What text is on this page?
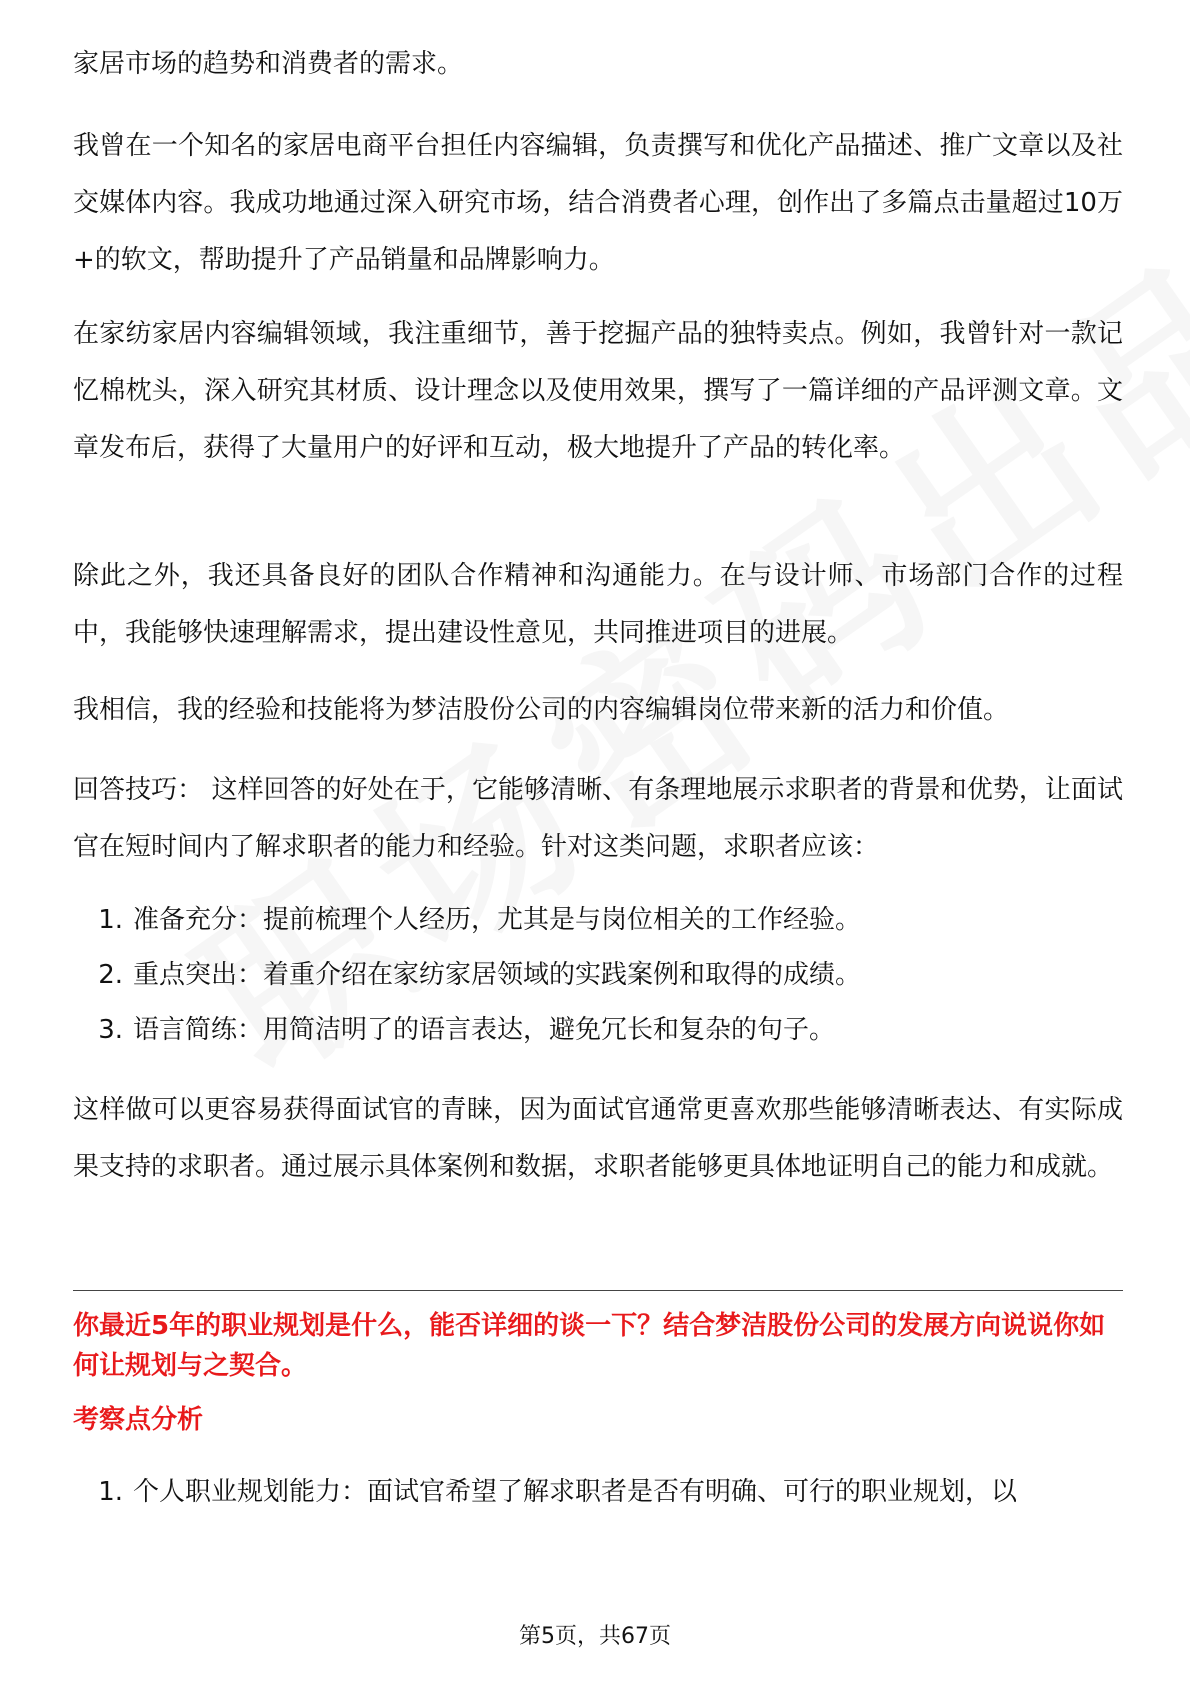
家居市场的趋势和消费者的需求。

我曾在一个知名的家居电商平台担任内容编辑，负责撰写和优化产品描述、推广文章以及社交媒体内容。我成功地通过深入研究市场，结合消费者心理，创作出了多篇点击量超过10万+的软文，帮助提升了产品销量和品牌影响力。

在家纺家居内容编辑领域，我注重细节，善于挖掘产品的独特卖点。例如，我曾针对一款记忆棉枕头，深入研究其材质、设计理念以及使用效果，撰写了一篇详细的产品评测文章。文章发布后，获得了大量用户的好评和互动，极大地提升了产品的转化率。

除此之外，我还具备良好的团队合作精神和沟通能力。在与设计师、市场部门合作的过程中，我能够快速理解需求，提出建设性意见，共同推进项目的进展。

我相信，我的经验和技能将为梦洁股份公司的内容编辑岗位带来新的活力和价值。

回答技巧： 这样回答的好处在于，它能够清晰、有条理地展示求职者的背景和优势，让面试官在短时间内了解求职者的能力和经验。针对这类问题，求职者应该：

1. 准备充分：提前梳理个人经历，尤其是与岗位相关的工作经验。
2. 重点突出：着重介绍在家纺家居领域的实践案例和取得的成绩。
3. 语言简练：用简洁明了的语言表达，避免冗长和复杂的句子。

这样做可以更容易获得面试官的青睐，因为面试官通常更喜欢那些能够清晰表达、有实际成果支持的求职者。通过展示具体案例和数据，求职者能够更具体地证明自己的能力和成就。

你最近5年的职业规划是什么，能否详细的谈一下？结合梦洁股份公司的发展方向说说你如何让规划与之契合。

考察点分析

1. 个人职业规划能力：面试官希望了解求职者是否有明确、可行的职业规划，以
第5页，共67页
